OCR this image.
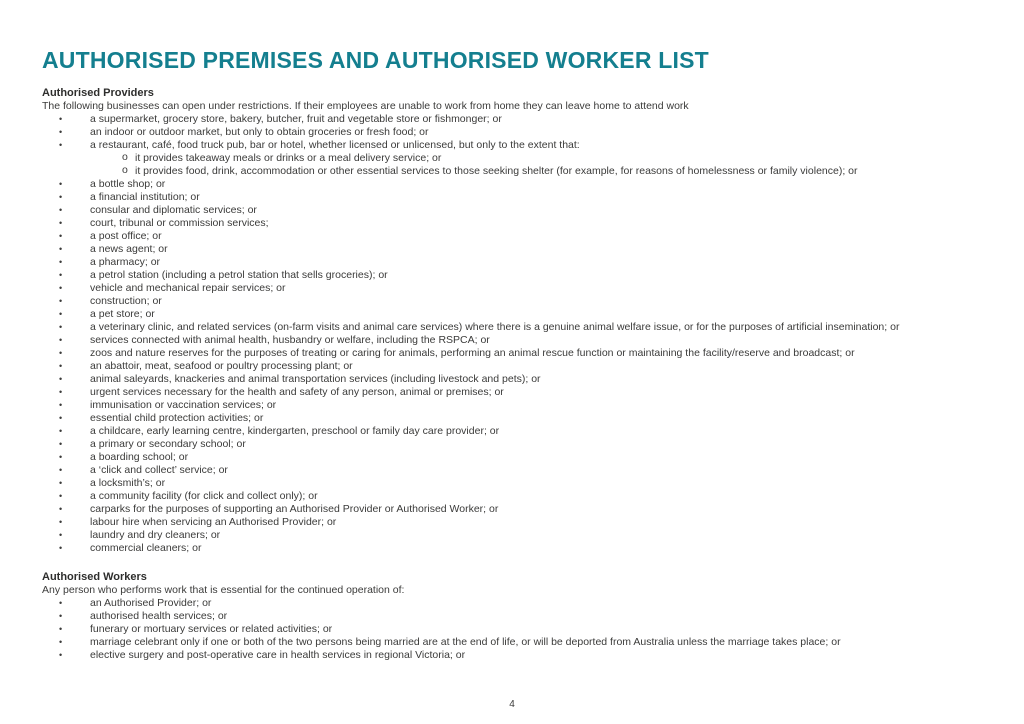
AUTHORISED PREMISES AND AUTHORISED WORKER LIST
Authorised Providers

The following businesses can open under restrictions. If their employees are unable to work from home they can leave home to attend work

•	a supermarket, grocery store, bakery, butcher, fruit and vegetable store or fishmonger; or
•	an indoor or outdoor market, but only to obtain groceries or fresh food; or
•	a restaurant, café, food truck pub, bar or hotel, whether licensed or unlicensed, but only to the extent that:
o it provides takeaway meals or drinks or a meal delivery service; or
o it provides food, drink, accommodation or other essential services to those seeking shelter (for example, for reasons of homelessness or family violence); or
•	a bottle shop; or
•	a financial institution; or
•	consular and diplomatic services; or
•	court, tribunal or commission services;
•	a post office; or
•	a news agent; or
•	a pharmacy; or
•	a petrol station (including a petrol station that sells groceries); or
•	vehicle and mechanical repair services; or
•	construction; or
•	a pet store; or
•	a veterinary clinic, and related services (on-farm visits and animal care services) where there is a genuine animal welfare issue, or for the purposes of artificial insemination; or
•	services connected with animal health, husbandry or welfare, including the RSPCA; or
•	zoos and nature reserves for the purposes of treating or caring for animals, performing an animal rescue function or maintaining the facility/reserve and broadcast; or
•	an abattoir, meat, seafood or poultry processing plant; or
•	animal saleyards, knackeries and animal transportation services (including livestock and pets); or
•	urgent services necessary for the health and safety of any person, animal or premises; or
•	immunisation or vaccination services; or
•	essential child protection activities; or
•	a childcare, early learning centre, kindergarten, preschool or family day care provider; or
•	a primary or secondary school; or
•	a boarding school; or
•	a ‘click and collect’ service; or
•	a locksmith’s; or
•	a community facility (for click and collect only); or
•	carparks for the purposes of supporting an Authorised Provider or Authorised Worker; or
•	labour hire when servicing an Authorised Provider; or
•	laundry and dry cleaners; or
•	commercial cleaners; or
Authorised Workers

Any person who performs work that is essential for the continued operation of:

•	an Authorised Provider; or
•	authorised health services; or
•	funerary or mortuary services or related activities; or
•	marriage celebrant only if one or both of the two persons being married are at the end of life, or will be deported from Australia unless the marriage takes place; or
•	elective surgery and post-operative care in health services in regional Victoria; or
4
